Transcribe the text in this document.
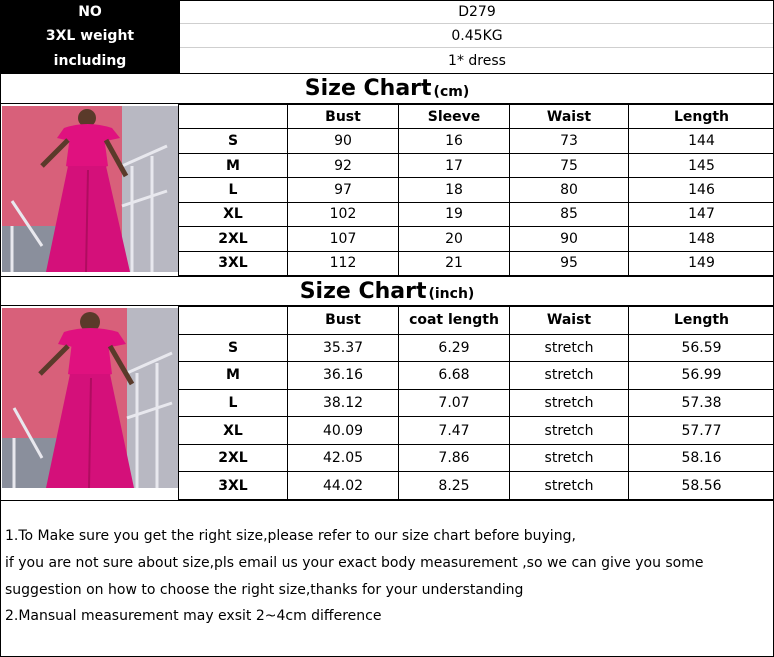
NO	D279
3XL weight	0.45KG
including	1* dress
Size Chart (cm)
	Bust	Sleeve	Waist	Length
S	90	16	73	144
M	92	17	75	145
L	97	18	80	146
XL	102	19	85	147
2XL	107	20	90	148
3XL	112	21	95	149
Size Chart (inch)
	Bust	coat length	Waist	Length
S	35.37	6.29	stretch	56.59
M	36.16	6.68	stretch	56.99
L	38.12	7.07	stretch	57.38
XL	40.09	7.47	stretch	57.77
2XL	42.05	7.86	stretch	58.16
3XL	44.02	8.25	stretch	58.56
1.To Make sure you get the right size,please refer to our size chart before buying,
if you are not sure about size,pls email us your exact body measurement ,so we can give you some
suggestion on how to choose the right size,thanks for your understanding
2.Mansual measurement may exsit 2~4cm difference
